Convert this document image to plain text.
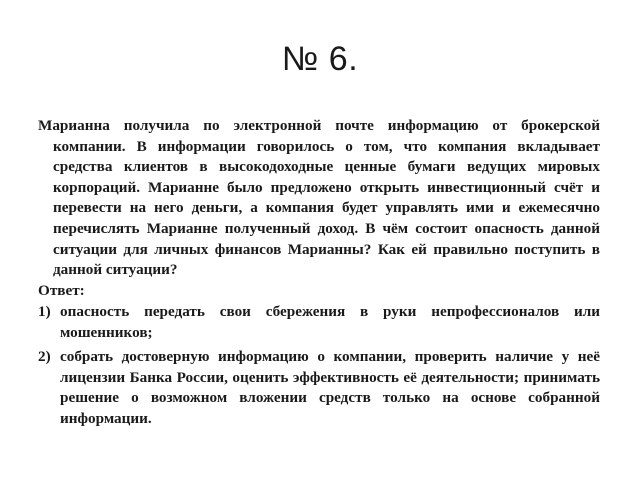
№ 6.
Марианна получила по электронной почте информацию от брокерской компании. В информации говорилось о том, что компания вкладывает средства клиентов в высокодоходные ценные бумаги ведущих мировых корпораций. Марианне было предложено открыть инвестиционный счёт и перевести на него деньги, а компания будет управлять ими и ежемесячно перечислять Марианне полученный доход. В чём состоит опасность данной ситуации для личных финансов Марианны? Как ей правильно поступить в данной ситуации?
Ответ:
1) опасность передать свои сбережения в руки непрофессионалов или мошенников;
2) собрать достоверную информацию о компании, проверить наличие у неё лицензии Банка России, оценить эффективность её деятельности; принимать решение о возможном вложении средств только на основе собранной информации.
